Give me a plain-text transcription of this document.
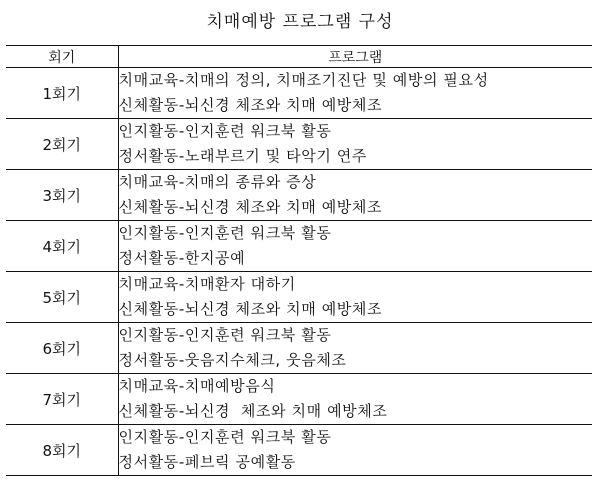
치매예방 프로그램 구성
회기	프로그램
1회기	치매교육-치매의 정의, 치매조기진단 및 예방의 필요성
신체활동-뇌신경 체조와 치매 예방체조

2회기	인지활동-인지훈련 워크북 활동
정서활동-노래부르기 및 타악기 연주

3회기	치매교육-치매의 종류와 증상
신체활동-뇌신경 체조와 치매 예방체조

4회기	인지활동-인지훈련 워크북 활동
정서활동-한지공예

5회기	치매교육-치매환자 대하기
신체활동-뇌신경 체조와 치매 예방체조

6회기	인지활동-인지훈련 워크북 활동
정서활동-웃음지수체크, 웃음체조

7회기	치매교육-치매예방음식
신체활동-뇌신경  체조와 치매 예방체조

8회기	인지활동-인지훈련 워크북 활동
정서활동-페브릭 공예활동
